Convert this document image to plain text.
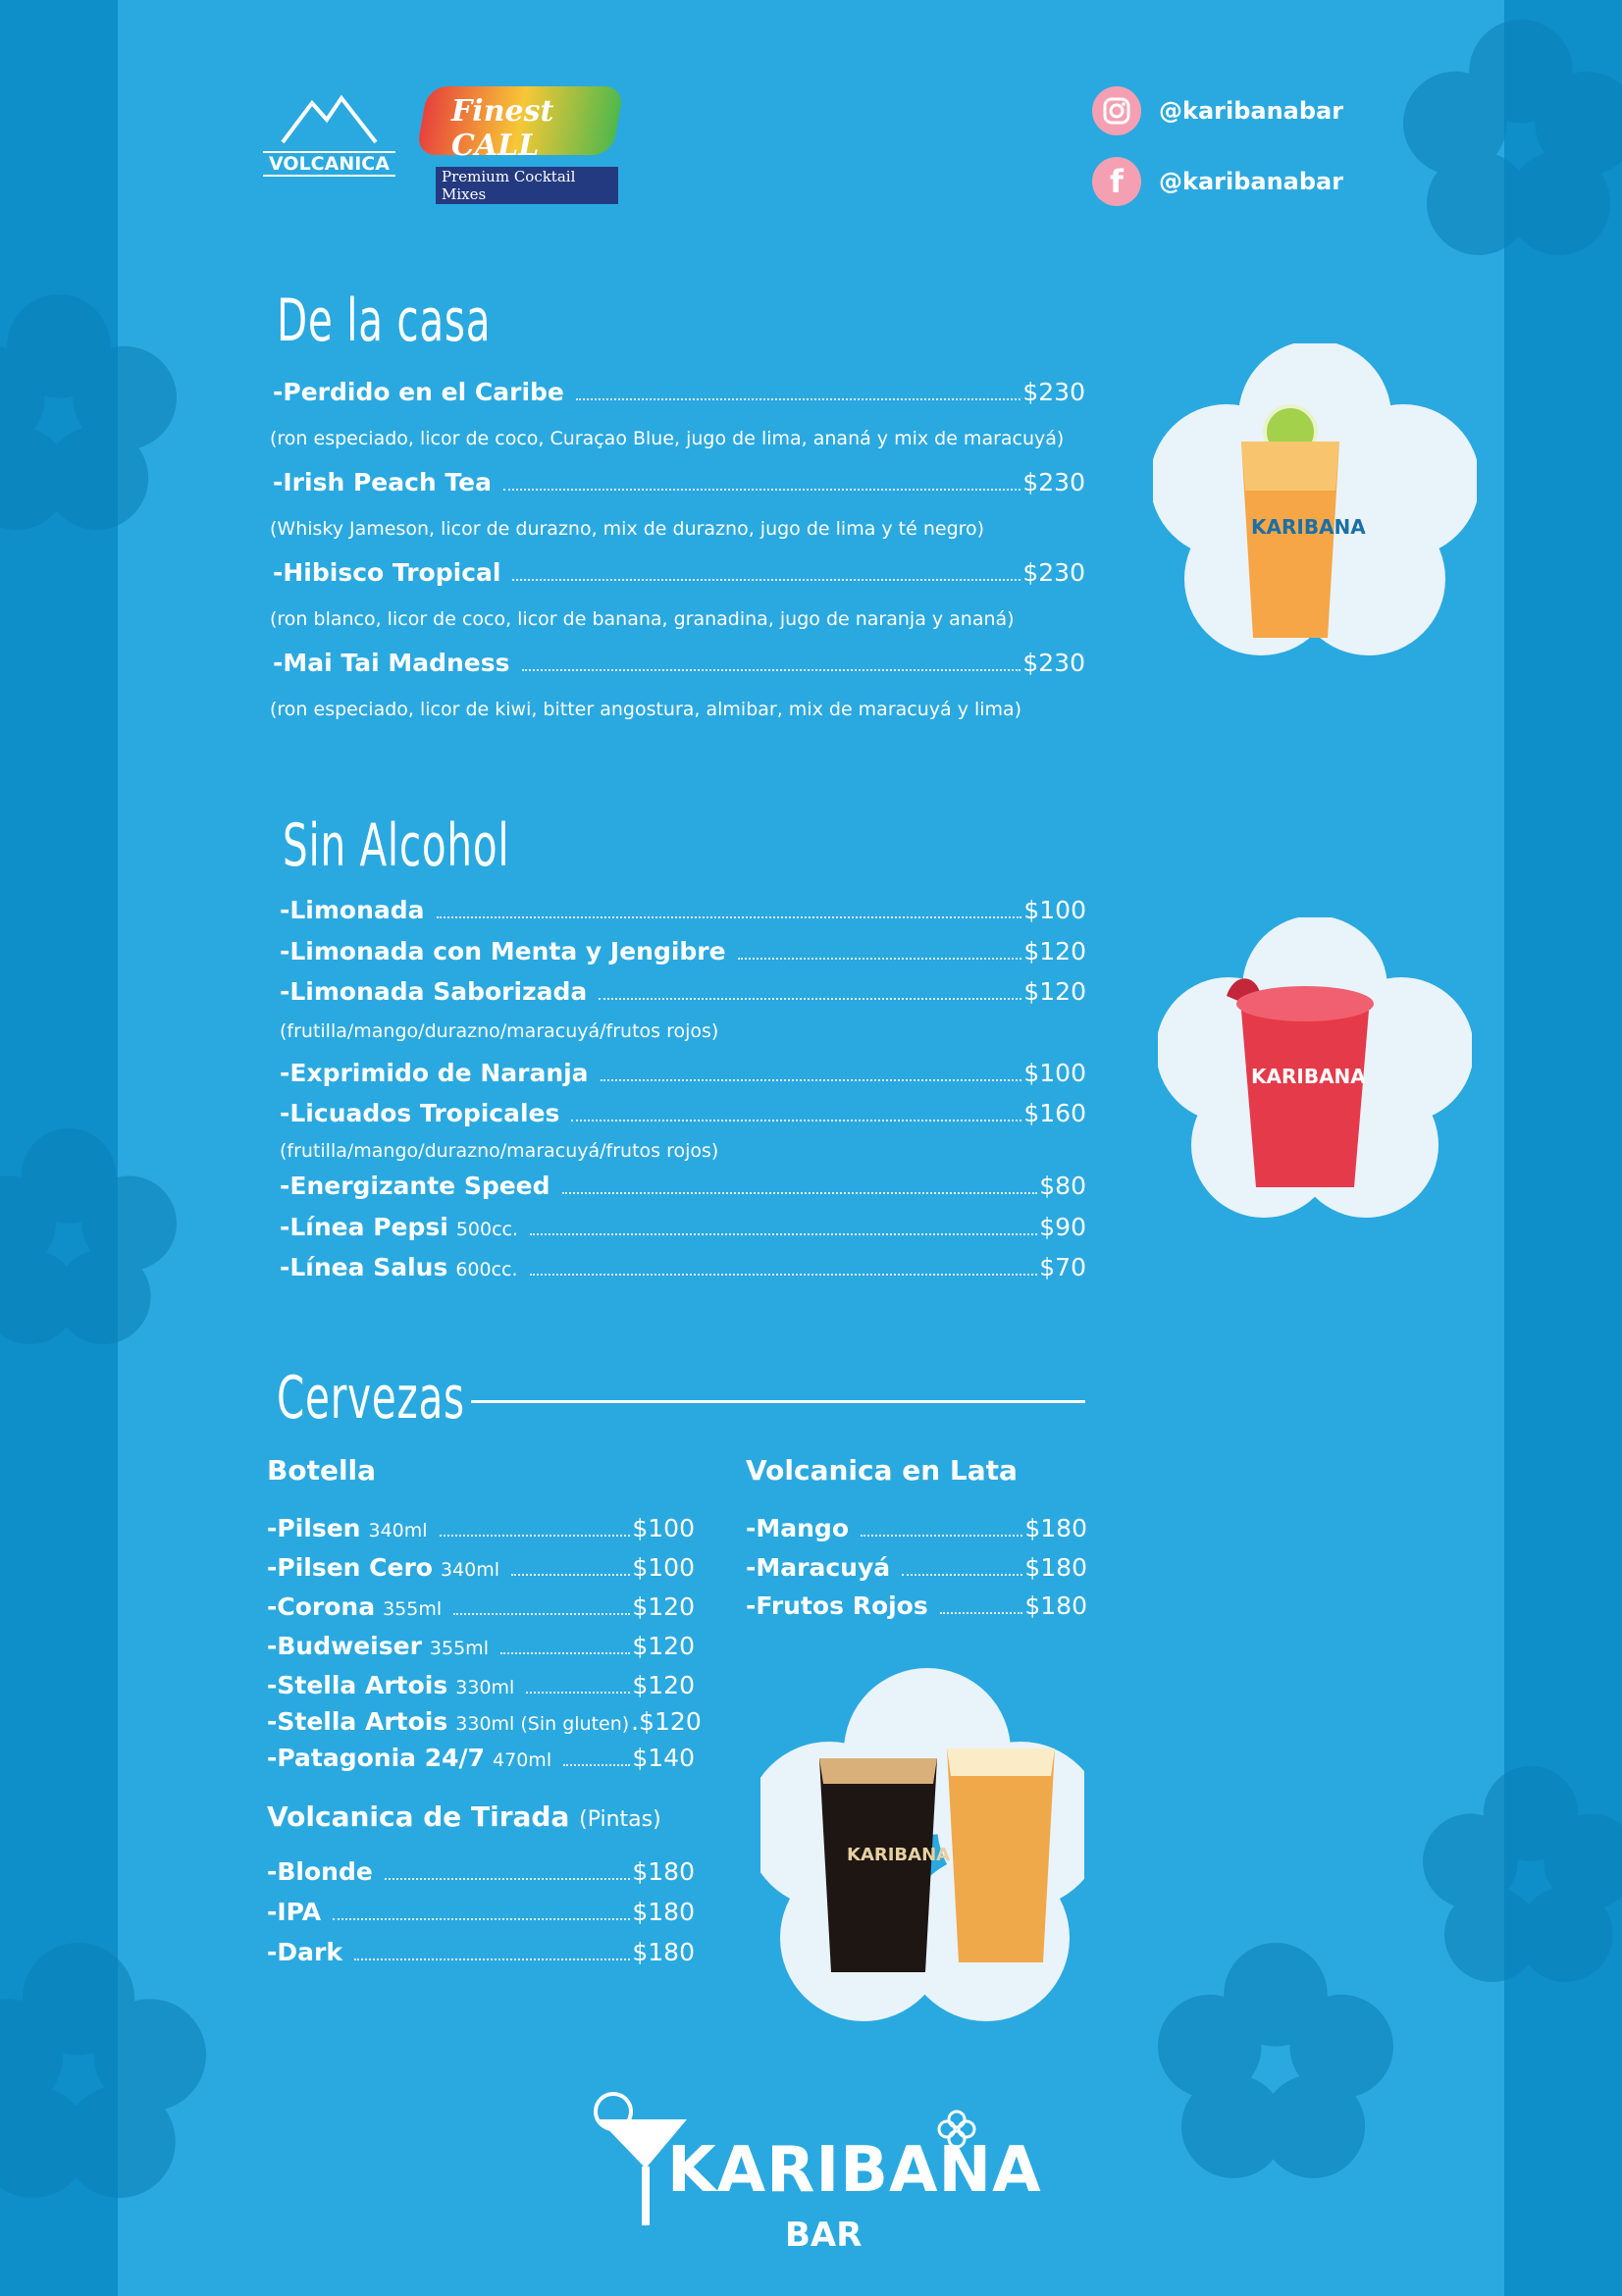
VOLCANICA
Finest CALL
Premium Cocktail Mixes
@karibanabar
f @karibanabar
De la casa
-Perdido en el Caribe	$230
(ron especiado, licor de coco, Curaçao Blue, jugo de lima, ananá y mix de maracuyá)
-Irish Peach Tea	$230
(Whisky Jameson, licor de durazno, mix de durazno, jugo de lima y té negro)
-Hibisco Tropical	$230
(ron blanco, licor de coco, licor de banana, granadina, jugo de naranja y ananá)
-Mai Tai Madness	$230
(ron especiado, licor de kiwi, bitter angostura, almibar, mix de maracuyá y lima)
KARIBANA
Sin Alcohol
-Limonada	$100
-Limonada con Menta y Jengibre	$120
-Limonada Saborizada	$120
(frutilla/mango/durazno/maracuyá/frutos rojos)
-Exprimido de Naranja	$100
-Licuados Tropicales	$160
(frutilla/mango/durazno/maracuyá/frutos rojos)
-Energizante Speed	$80
-Línea Pepsi 500cc.	$90
-Línea Salus 600cc.	$70
KARIBANA
Cervezas
Botella
-Pilsen 340ml	$100
-Pilsen Cero 340ml	$100
-Corona 355ml	$120
-Budweiser 355ml	$120
-Stella Artois 330ml	$120
-Stella Artois 330ml (Sin gluten) .$120
-Patagonia 24/7 470ml	$140
Volcanica de Tirada (Pintas)
-Blonde	$180
-IPA	$180
-Dark	$180
Volcanica en Lata
-Mango	$180
-Maracuyá	$180
-Frutos Rojos	$180
KARIBANA
KARIBANA
BAR
